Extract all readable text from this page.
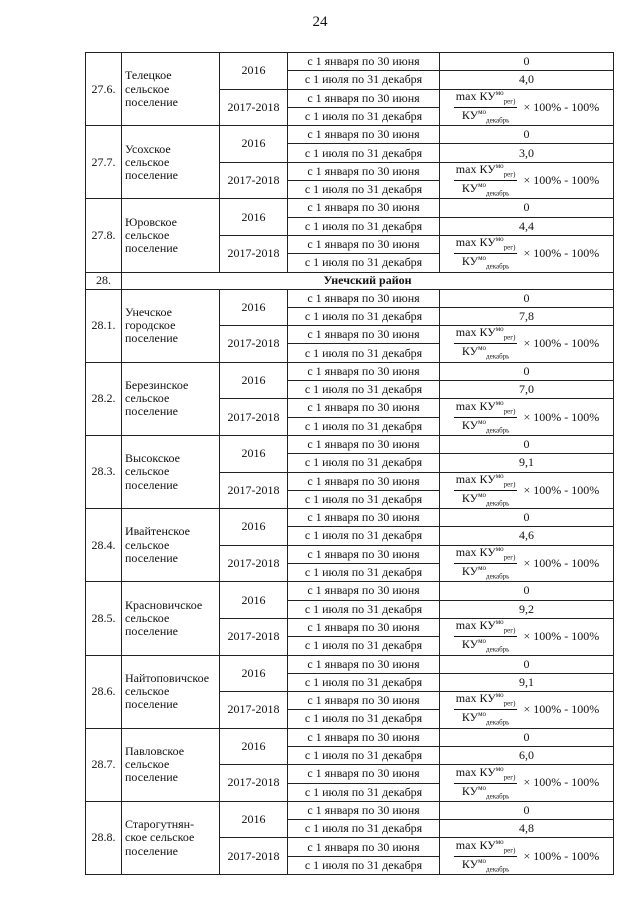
24
27.6.	Телецкое
сельское
поселение	2016	с 1 января по 30 июня	0
			с 1 июля по 31 декабря	4,0
		2017-2018	с 1 января по 30 июня	$\frac{\max КУ^{мо}_{рег)}}{КУ^{мо}_{декабрь}} \times 100\% - 100\%$

			с 1 июля по 31 декабря	
27.7.	Усохское
сельское
поселение	2016	с 1 января по 30 июня	0
			с 1 июля по 31 декабря	3,0
		2017-2018	с 1 января по 30 июня	$\frac{\max КУ^{мо}_{рег)}}{КУ^{мо}_{декабрь}} \times 100\% - 100\%$

			с 1 июля по 31 декабря	
27.8.	Юровское
сельское
поселение	2016	с 1 января по 30 июня	0
			с 1 июля по 31 декабря	4,4
		2017-2018	с 1 января по 30 июня	$\frac{\max КУ^{мо}_{рег)}}{КУ^{мо}_{декабрь}} \times 100\% - 100\%$

			с 1 июля по 31 декабря	
28.	Унечский район			
28.1.	Унечское
городское
поселение	2016	с 1 января по 30 июня	0
			с 1 июля по 31 декабря	7,8
		2017-2018	с 1 января по 30 июня	$\frac{\max КУ^{мо}_{рег)}}{КУ^{мо}_{декабрь}} \times 100\% - 100\%$

			с 1 июля по 31 декабря	
28.2.	Березинское
сельское
поселение	2016	с 1 января по 30 июня	0
			с 1 июля по 31 декабря	7,0
		2017-2018	с 1 января по 30 июня	$\frac{\max КУ^{мо}_{рег)}}{КУ^{мо}_{декабрь}} \times 100\% - 100\%$

			с 1 июля по 31 декабря	
28.3.	Высокское
сельское
поселение	2016	с 1 января по 30 июня	0
			с 1 июля по 31 декабря	9,1
		2017-2018	с 1 января по 30 июня	$\frac{\max КУ^{мо}_{рег)}}{КУ^{мо}_{декабрь}} \times 100\% - 100\%$

			с 1 июля по 31 декабря	
28.4.	Ивайтенское
сельское
поселение	2016	с 1 января по 30 июня	0
			с 1 июля по 31 декабря	4,6
		2017-2018	с 1 января по 30 июня	$\frac{\max КУ^{мо}_{рег)}}{КУ^{мо}_{декабрь}} \times 100\% - 100\%$

			с 1 июля по 31 декабря	
28.5.	Красновичское
сельское
поселение	2016	с 1 января по 30 июня	0
			с 1 июля по 31 декабря	9,2
		2017-2018	с 1 января по 30 июня	$\frac{\max КУ^{мо}_{рег)}}{КУ^{мо}_{декабрь}} \times 100\% - 100\%$

			с 1 июля по 31 декабря	
28.6.	Найтоповичское
сельское
поселение	2016	с 1 января по 30 июня	0
			с 1 июля по 31 декабря	9,1
		2017-2018	с 1 января по 30 июня	$\frac{\max КУ^{мо}_{рег)}}{КУ^{мо}_{декабрь}} \times 100\% - 100\%$

			с 1 июля по 31 декабря	
28.7.	Павловское
сельское
поселение	2016	с 1 января по 30 июня	0
			с 1 июля по 31 декабря	6,0
		2017-2018	с 1 января по 30 июня	$\frac{\max КУ^{мо}_{рег)}}{КУ^{мо}_{декабрь}} \times 100\% - 100\%$

			с 1 июля по 31 декабря	
28.8.	Старогутнян-
ское сельское
поселение	2016	с 1 января по 30 июня	0
			с 1 июля по 31 декабря	4,8
		2017-2018	с 1 января по 30 июня	$\frac{\max КУ^{мо}_{рег)}}{КУ^{мо}_{декабрь}} \times 100\% - 100\%$

			с 1 июля по 31 декабря	
